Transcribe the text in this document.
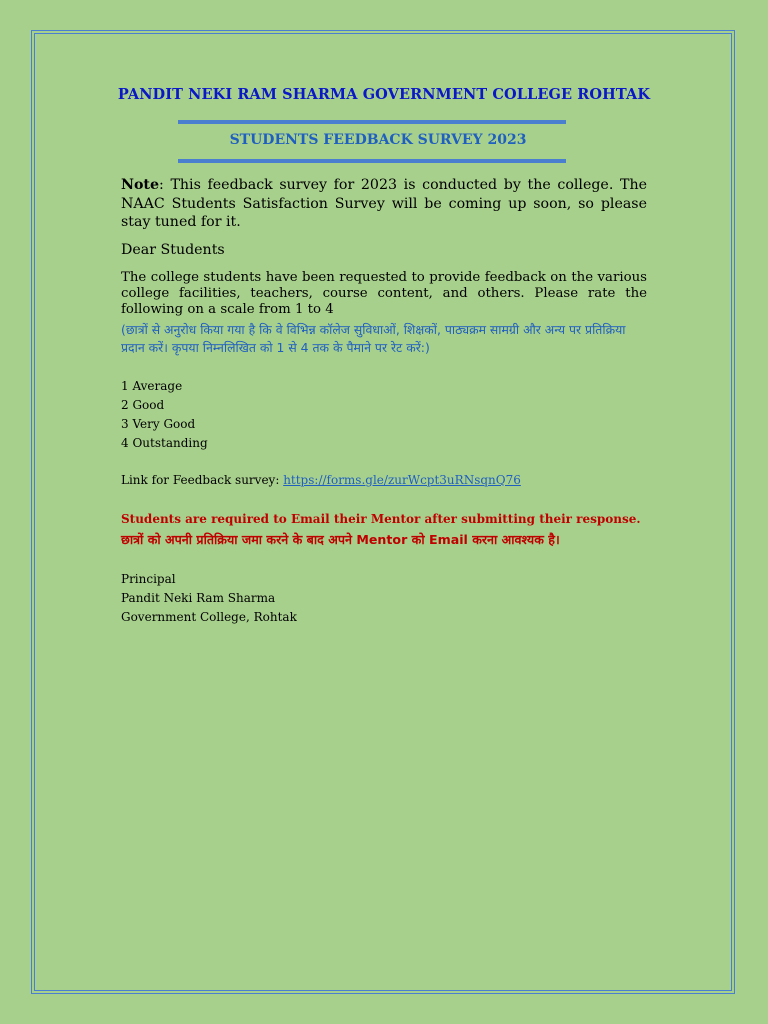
PANDIT NEKI RAM SHARMA GOVERNMENT COLLEGE ROHTAK
STUDENTS FEEDBACK SURVEY 2023
Note: This feedback survey for 2023 is conducted by the college. The NAAC Students Satisfaction Survey will be coming up soon, so please stay tuned for it.
Dear Students
The college students have been requested to provide feedback on the various college facilities, teachers, course content, and others. Please rate the following on a scale from 1 to 4
(छात्रों से अनुरोध किया गया है कि वे विभिन्न कॉलेज सुविधाओं, शिक्षकों, पाठ्यक्रम सामग्री और अन्य पर प्रतिक्रिया प्रदान करें। कृपया निम्नलिखित को 1 से 4 तक के पैमाने पर रेट करें:)
1 Average
2 Good
3 Very Good
4 Outstanding
Link for Feedback survey: https://forms.gle/zurWcpt3uRNsqnQ76
Students are required to Email their Mentor after submitting their response.
छात्रों को अपनी प्रतिक्रिया जमा करने के बाद अपने Mentor को Email करना आवश्यक है।
Principal
Pandit Neki Ram Sharma
Government College, Rohtak
